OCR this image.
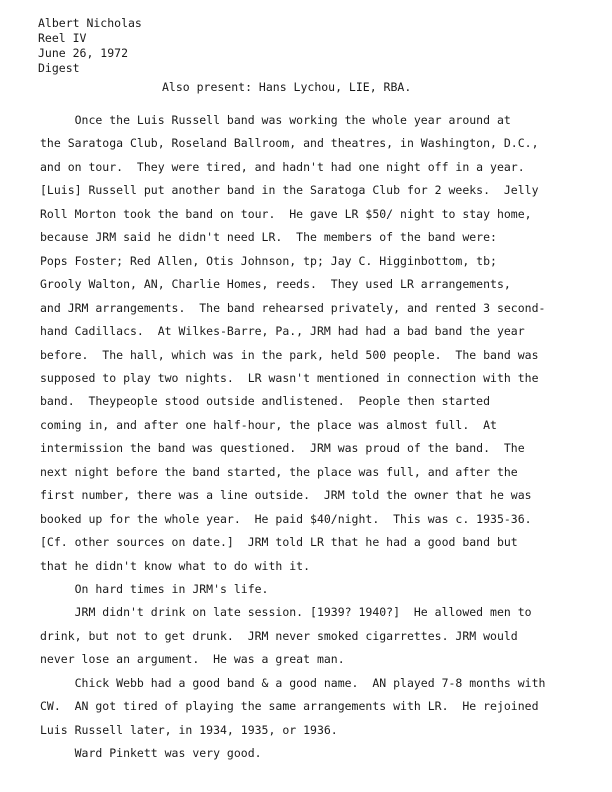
Albert Nicholas
Reel IV
June 26, 1972
Digest
Also present: Hans Lychou, LIE, RBA.
Once the Luis Russell band was working the whole year around at
the Saratoga Club, Roseland Ballroom, and theatres, in Washington, D.C.,
and on tour.  They were tired, and hadn't had one night off in a year.
[Luis] Russell put another band in the Saratoga Club for 2 weeks.  Jelly
Roll Morton took the band on tour.  He gave LR $50/ night to stay home,
because JRM said he didn't need LR.  The members of the band were:
Pops Foster; Red Allen, Otis Johnson, tp; Jay C. Higginbottom, tb;
Grooly Walton, AN, Charlie Homes, reeds.  They used LR arrangements,
and JRM arrangements.  The band rehearsed privately, and rented 3 second-
hand Cadillacs.  At Wilkes-Barre, Pa., JRM had had a bad band the year
before.  The hall, which was in the park, held 500 people.  The band was
supposed to play two nights.  LR wasn't mentioned in connection with the
band.  Theypeople stood outside andlistened.  People then started
coming in, and after one half-hour, the place was almost full.  At
intermission the band was questioned.  JRM was proud of the band.  The
next night before the band started, the place was full, and after the
first number, there was a line outside.  JRM told the owner that he was
booked up for the whole year.  He paid $40/night.  This was c. 1935-36.
[Cf. other sources on date.]  JRM told LR that he had a good band but
that he didn't know what to do with it.
On hard times in JRM's life.
JRM didn't drink on late session. [1939? 1940?]  He allowed men to
drink, but not to get drunk.  JRM never smoked cigarrettes. JRM would
never lose an argument.  He was a great man.
Chick Webb had a good band & a good name.  AN played 7-8 months with
CW.  AN got tired of playing the same arrangements with LR.  He rejoined
Luis Russell later, in 1934, 1935, or 1936.
Ward Pinkett was very good.
